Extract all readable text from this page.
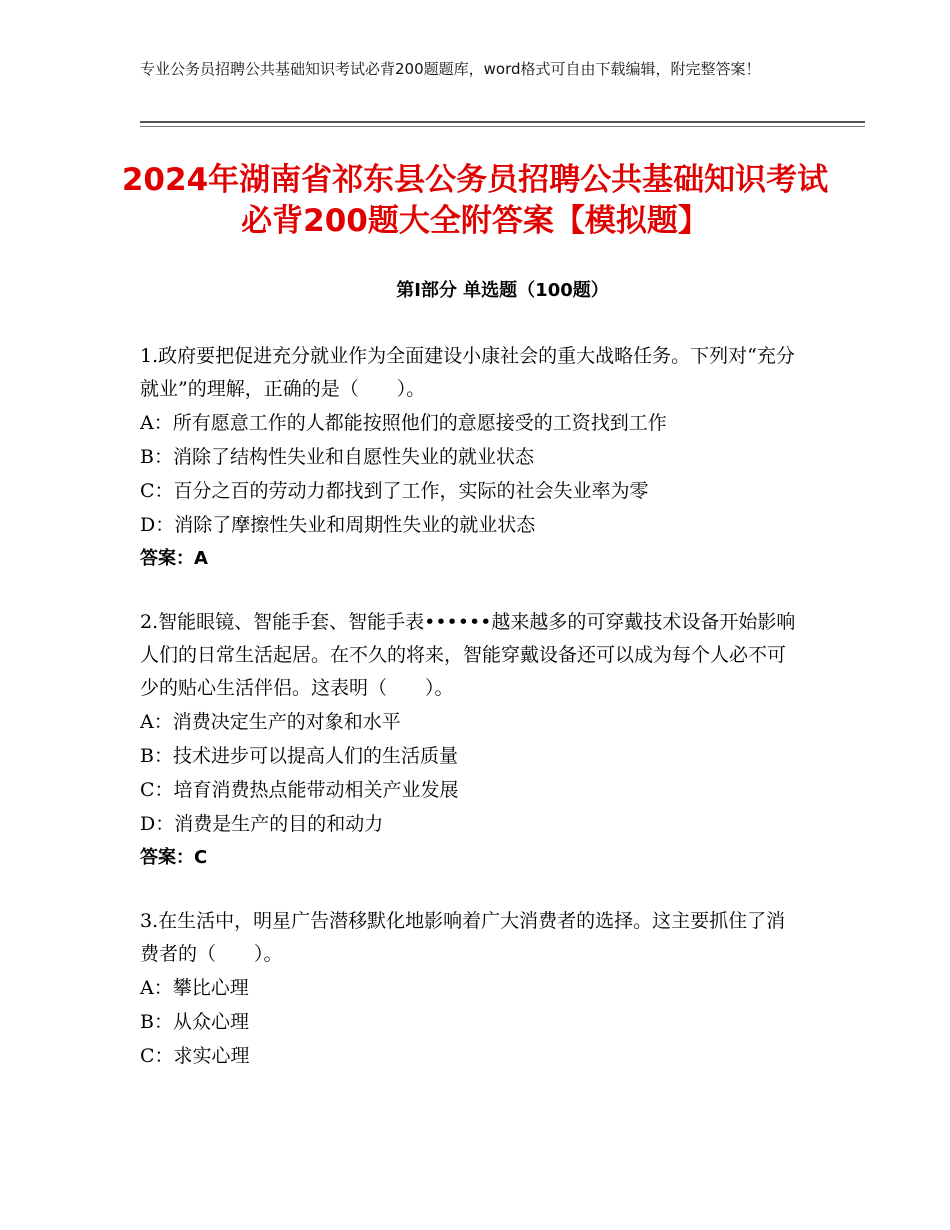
专业公务员招聘公共基础知识考试必背200题题库，word格式可自由下载编辑，附完整答案！
2024年湖南省祁东县公务员招聘公共基础知识考试必背200题大全附答案【模拟题】
第Ⅰ部分 单选题（100题）

1.政府要把促进充分就业作为全面建设小康社会的重大战略任务。下列对“充分就业”的理解，正确的是（　　）。

A：所有愿意工作的人都能按照他们的意愿接受的工资找到工作

B：消除了结构性失业和自愿性失业的就业状态

C：百分之百的劳动力都找到了工作，实际的社会失业率为零

D：消除了摩擦性失业和周期性失业的就业状态

答案：A

2.智能眼镜、智能手套、智能手表••••••越来越多的可穿戴技术设备开始影响人们的日常生活起居。在不久的将来，智能穿戴设备还可以成为每个人必不可少的贴心生活伴侣。这表明（　　）。

A：消费决定生产的对象和水平

B：技术进步可以提高人们的生活质量

C：培育消费热点能带动相关产业发展

D：消费是生产的目的和动力

答案：C

3.在生活中，明星广告潜移默化地影响着广大消费者的选择。这主要抓住了消费者的（　　）。

A：攀比心理

B：从众心理

C：求实心理
